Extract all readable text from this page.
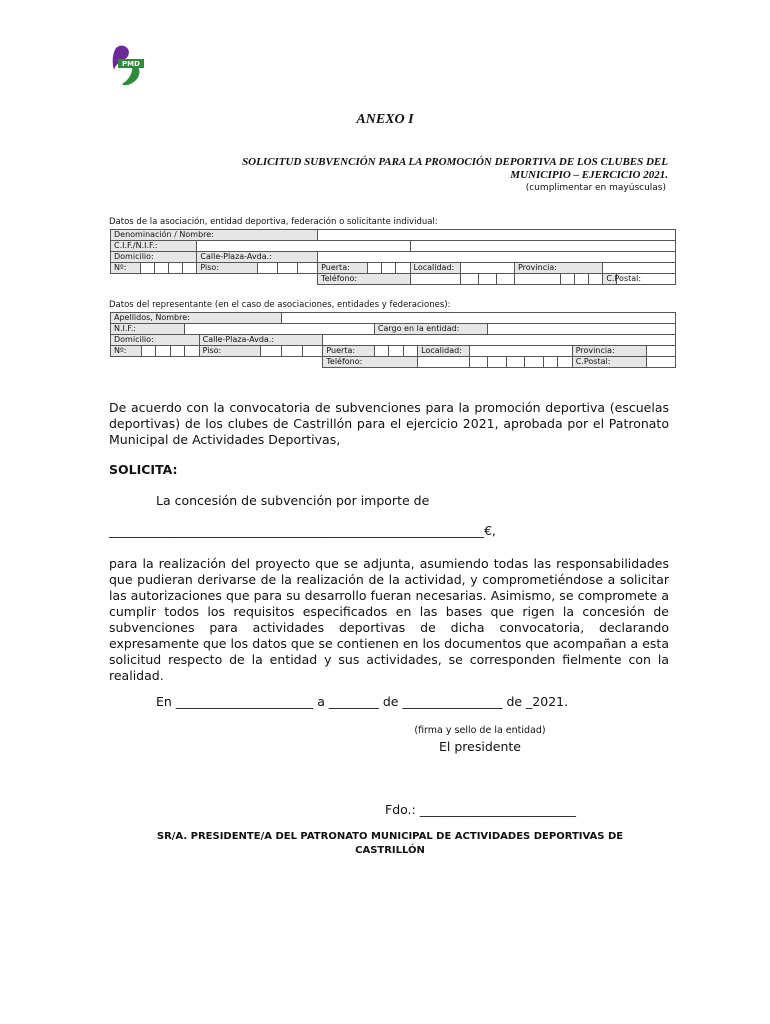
PMD
ANEXO I
SOLICITUD SUBVENCIÓN PARA LA PROMOCIÓN DEPORTIVA DE LOS CLUBES DEL
MUNICIPIO – EJERCICIO 2021.
(cumplimentar en mayúsculas)
Datos de la asociación, entidad deportiva, federación o solicitante individual:
Denominación / Nombre:																						
C.I.F./N.I.F.:																						
Domicilio:					Calle-Plaza-Avda.:																	
Nº:					Piso:				Puerta:				Localidad:				Provincia:					
									Teléfono:												C.Postal:	
Datos del representante (en el caso de asociaciones, entidades y federaciones):
Apellidos, Nombre:																					
N.I.F.:										Cargo en la entidad:											
Domicilio:					Calle-Plaza-Avda.:																
Nº:					Piso:				Puerta:				Localidad:							Provincia:	
									Teléfono:											C.Postal:	
De acuerdo con la convocatoria de subvenciones para la promoción deportiva (escuelas deportivas) de los clubes de Castrillón para el ejercicio 2021, aprobada por el Patronato Municipal de Actividades Deportivas,
SOLICITA:
La concesión de subvención por importe de
______________________________________________________________€,
para la realización del proyecto que se adjunta, asumiendo todas las responsabilidades que pudieran derivarse de la realización de la actividad, y comprometiéndose a solicitar las autorizaciones que para su desarrollo fueran necesarias. Asimismo, se compromete a cumplir todos los requisitos especificados en las bases que rigen la concesión de subvenciones para actividades deportivas de dicha convocatoria, declarando expresamente que los datos que se contienen en los documentos que acompañan a esta solicitud respecto de la entidad y sus actividades, se corresponden fielmente con la realidad.
En ______________________ a ________ de ________________ de _2021.
(firma y sello de la entidad)
El presidente
Fdo.: _________________________
SR/A. PRESIDENTE/A DEL PATRONATO MUNICIPAL DE ACTIVIDADES DEPORTIVAS DE CASTRILLÓN
